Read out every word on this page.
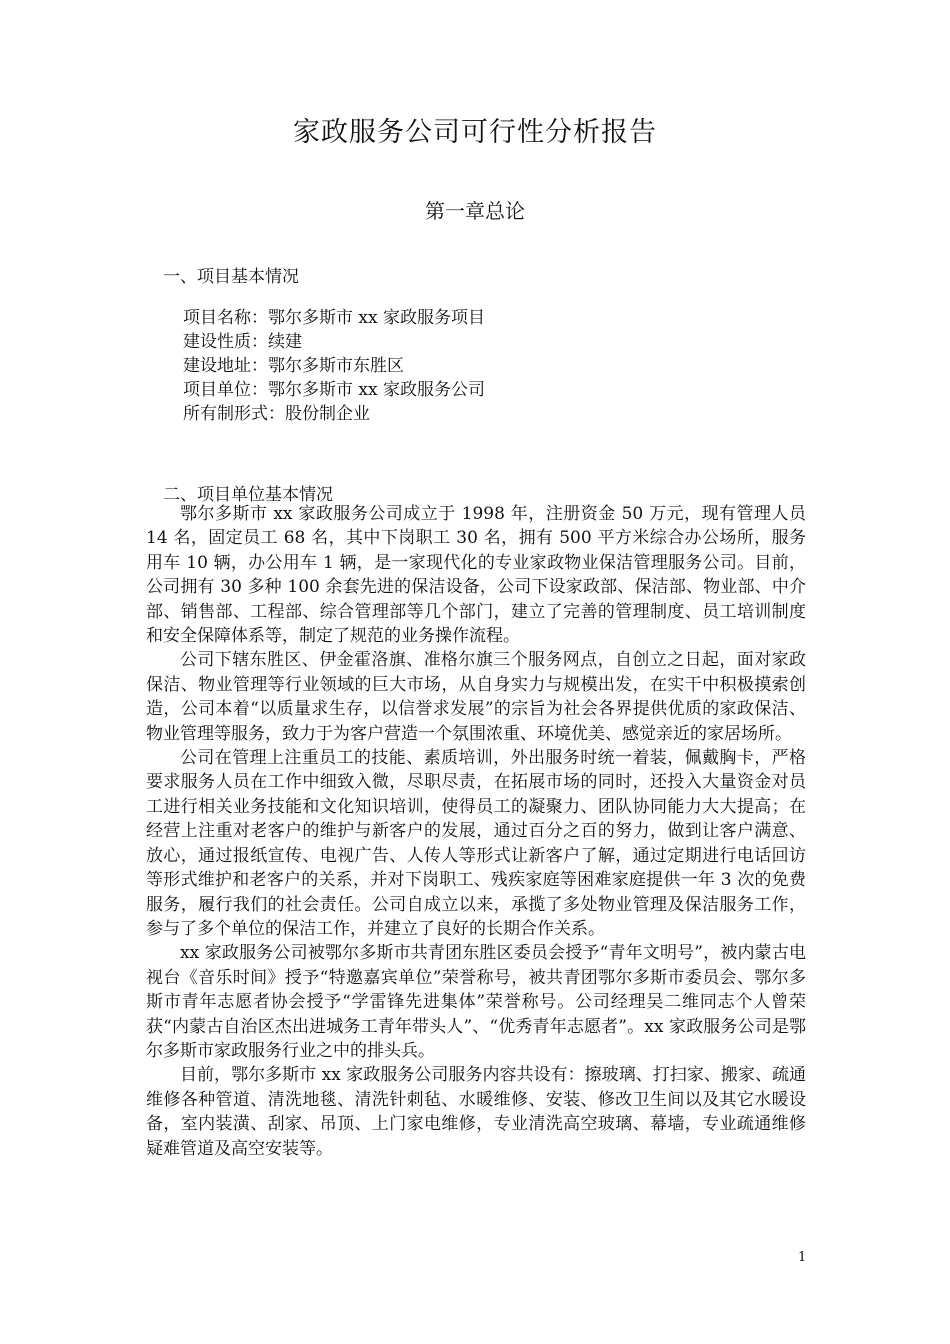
家政服务公司可行性分析报告
第一章总论
一、项目基本情况
项目名称：鄂尔多斯市 xx 家政服务项目
建设性质：续建
建设地址：鄂尔多斯市东胜区
项目单位：鄂尔多斯市 xx 家政服务公司
所有制形式：股份制企业
二、项目单位基本情况

鄂尔多斯市 xx 家政服务公司成立于 1998 年，注册资金 50 万元，现有管理人员 14 名，固定员工 68 名，其中下岗职工 30 名，拥有 500 平方米综合办公场所，服务用车 10 辆，办公用车 1 辆，是一家现代化的专业家政物业保洁管理服务公司。目前，公司拥有 30 多种 100 余套先进的保洁设备，公司下设家政部、保洁部、物业部、中介部、销售部、工程部、综合管理部等几个部门，建立了完善的管理制度、员工培训制度和安全保障体系等，制定了规范的业务操作流程。

公司下辖东胜区、伊金霍洛旗、准格尔旗三个服务网点，自创立之日起，面对家政保洁、物业管理等行业领域的巨大市场，从自身实力与规模出发，在实干中积极摸索创造，公司本着“以质量求生存，以信誉求发展”的宗旨为社会各界提供优质的家政保洁、物业管理等服务，致力于为客户营造一个氛围浓重、环境优美、感觉亲近的家居场所。

公司在管理上注重员工的技能、素质培训，外出服务时统一着装，佩戴胸卡，严格要求服务人员在工作中细致入微，尽职尽责，在拓展市场的同时，还投入大量资金对员工进行相关业务技能和文化知识培训，使得员工的凝聚力、团队协同能力大大提高；在经营上注重对老客户的维护与新客户的发展，通过百分之百的努力，做到让客户满意、放心，通过报纸宣传、电视广告、人传人等形式让新客户了解，通过定期进行电话回访等形式维护和老客户的关系，并对下岗职工、残疾家庭等困难家庭提供一年 3 次的免费服务，履行我们的社会责任。公司自成立以来，承揽了多处物业管理及保洁服务工作，参与了多个单位的保洁工作，并建立了良好的长期合作关系。

xx 家政服务公司被鄂尔多斯市共青团东胜区委员会授予“青年文明号”，被内蒙古电视台《音乐时间》授予“特邀嘉宾单位”荣誉称号，被共青团鄂尔多斯市委员会、鄂尔多斯市青年志愿者协会授予“学雷锋先进集体”荣誉称号。公司经理吴二维同志个人曾荣获“内蒙古自治区杰出进城务工青年带头人”、“优秀青年志愿者”。xx 家政服务公司是鄂尔多斯市家政服务行业之中的排头兵。

目前，鄂尔多斯市 xx 家政服务公司服务内容共设有：擦玻璃、打扫家、搬家、疏通维修各种管道、清洗地毯、清洗针刺毡、水暖维修、安装、修改卫生间以及其它水暖设备，室内装潢、刮家、吊顶、上门家电维修，专业清洗高空玻璃、幕墙，专业疏通维修疑难管道及高空安装等。

1
